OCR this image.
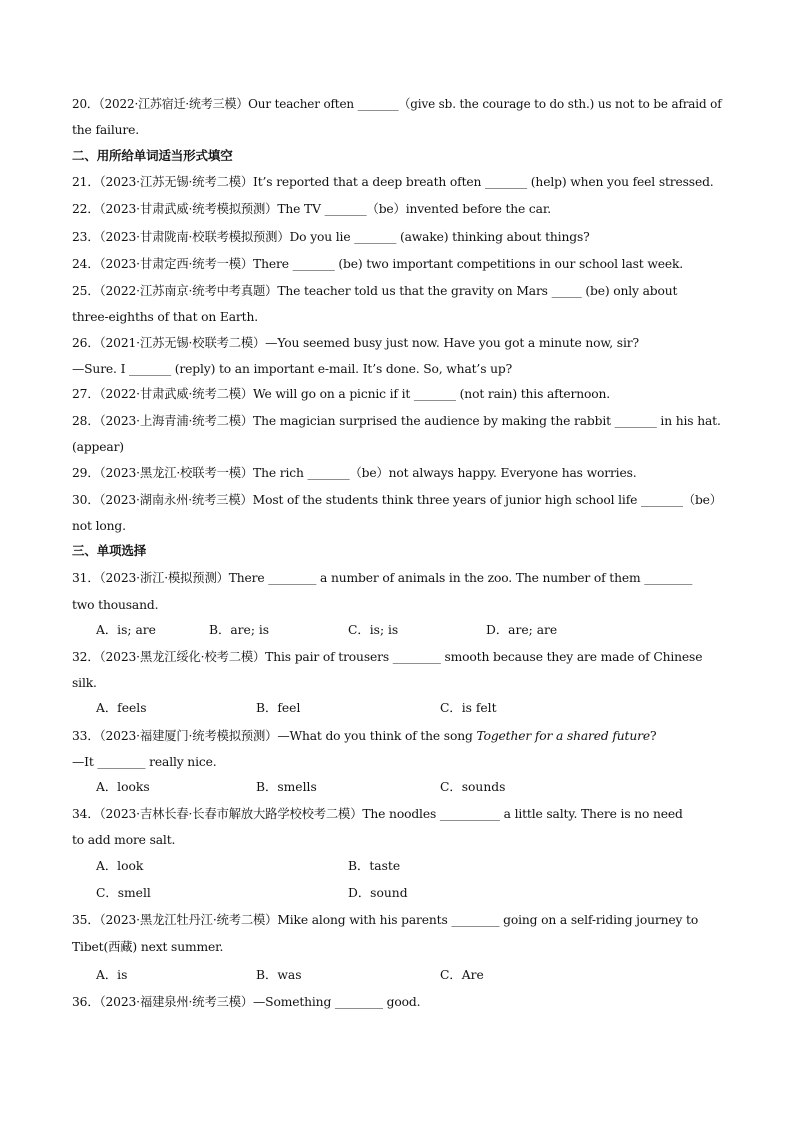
20．（2022·江苏宿迁·统考三模）Our teacher often _______（give sb. the courage to do sth.) us not to be afraid of
the failure.
二、用所给单词适当形式填空
21．（2023·江苏无锡·统考二模）It’s reported that a deep breath often _______ (help) when you feel stressed.
22．（2023·甘肃武威·统考模拟预测）The TV _______（be）invented before the car.
23．（2023·甘肃陇南·校联考模拟预测）Do you lie _______ (awake) thinking about things?
24．（2023·甘肃定西·统考一模）There _______ (be) two important competitions in our school last week.
25．（2022·江苏南京·统考中考真题）The teacher told us that the gravity on Mars _____ (be) only about
three-eighths of that on Earth.
26．（2021·江苏无锡·校联考二模）—You seemed busy just now. Have you got a minute now, sir?
—Sure. I _______ (reply) to an important e-mail. It’s done. So, what’s up?
27．（2022·甘肃武威·统考二模）We will go on a picnic if it _______ (not rain) this afternoon.
28．（2023·上海青浦·统考二模）The magician surprised the audience by making the rabbit _______ in his hat.
(appear)
29．（2023·黑龙江·校联考一模）The rich _______（be）not always happy. Everyone has worries.
30．（2023·湖南永州·统考三模）Most of the students think three years of junior high school life _______（be）
not long.
三、单项选择
31．（2023·浙江·模拟预测）There ________ a number of animals in the zoo. The number of them ________
two thousand.
A．is; are	B．are; is	C．is; is	D．are; are
32．（2023·黑龙江绥化·校考二模）This pair of trousers ________ smooth because they are made of Chinese
silk.
A．feels	B．feel	C．is felt
33．（2023·福建厦门·统考模拟预测）—What do you think of the song Together for a shared future?
—It ________ really nice.
A．looks	B．smells	C．sounds
34．（2023·吉林长春·长春市解放大路学校校考二模）The noodles __________ a little salty. There is no need
to add more salt.
A．look	B．taste
C．smell	D．sound
35．（2023·黑龙江牡丹江·统考二模）Mike along with his parents ________ going on a self-riding journey to
Tibet(西藏) next summer.
A．is	B．was	C．Are
36．（2023·福建泉州·统考三模）—Something ________ good.
